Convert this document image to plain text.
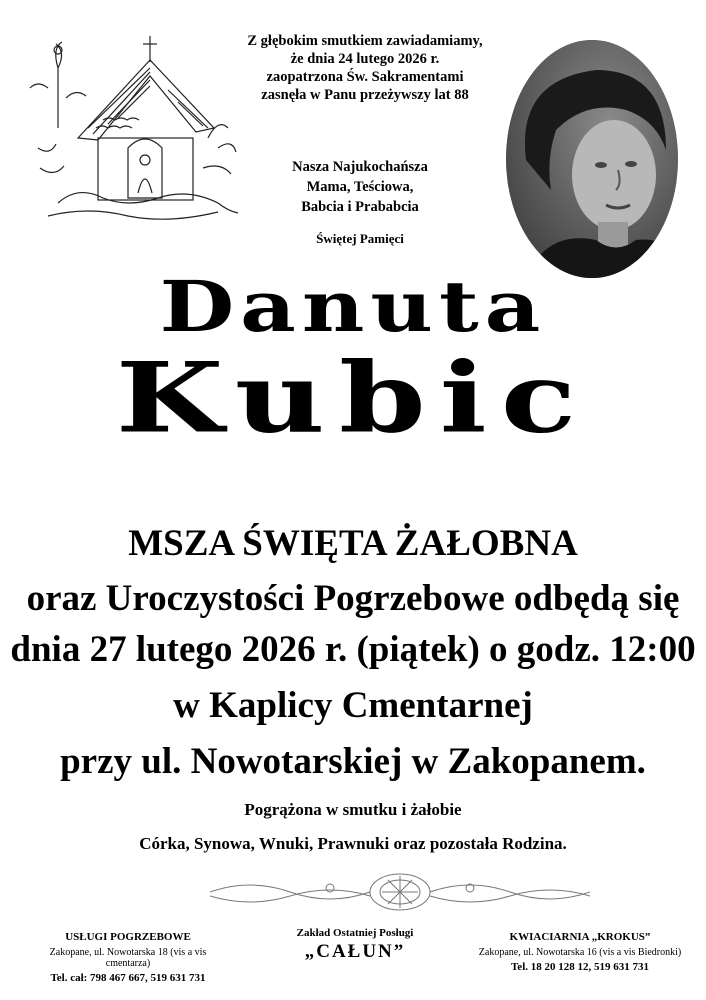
Z głębokim smutkiem zawiadamiamy,
że dnia 24 lutego 2026 r.
zaopatrzona Św. Sakramentami
zasnęła w Panu przeżywszy lat 88
Nasza Najukochańsza
Mama, Teściowa,
Babcia i Prababcia
Świętej Pamięci
Danuta
Kubic
MSZA ŚWIĘTA ŻAŁOBNA
oraz Uroczystości Pogrzebowe odbędą się
dnia 27 lutego 2026 r. (piątek) o godz. 12:00
w Kaplicy Cmentarnej
przy ul. Nowotarskiej w Zakopanem.
Pogrążona w smutku i żałobie
Córka, Synowa, Wnuki, Prawnuki oraz pozostała Rodzina.
USŁUGI POGRZEBOWE
Zakopane, ul. Nowotarska 18 (vis a vis cmentarza)
Tel. cał: 798 467 667, 519 631 731
Zakład Ostatniej Posługi
„CAŁUN”
KWIACIARNIA „KROKUS”
Zakopane, ul. Nowotarska 16 (vis a vis Biedronki)
Tel. 18 20 128 12, 519 631 731
